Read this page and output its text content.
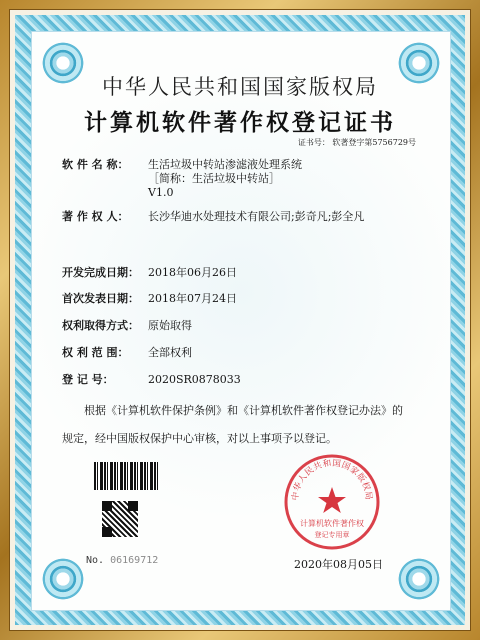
中华人民共和国国家版权局
计算机软件著作权登记证书
证书号： 软著登字第5756729号
软 件 名 称： 生活垃圾中转站渗滤液处理系统
［简称：生活垃圾中转站］
V1.0
著 作 权 人： 长沙华迪水处理技术有限公司;彭奇凡;彭全凡
开发完成日期： 2018年06月26日
首次发表日期： 2018年07月24日
权利取得方式： 原始取得
权 利 范 围： 全部权利
登 记 号：	2020SR0878033
根据《计算机软件保护条例》和《计算机软件著作权登记办法》的
规定，经中国版权保护中心审核，对以上事项予以登记。
No. 06169712
中华人民共和国国家版权局
计算机软件著作权
登记专用章
2020年08月05日
